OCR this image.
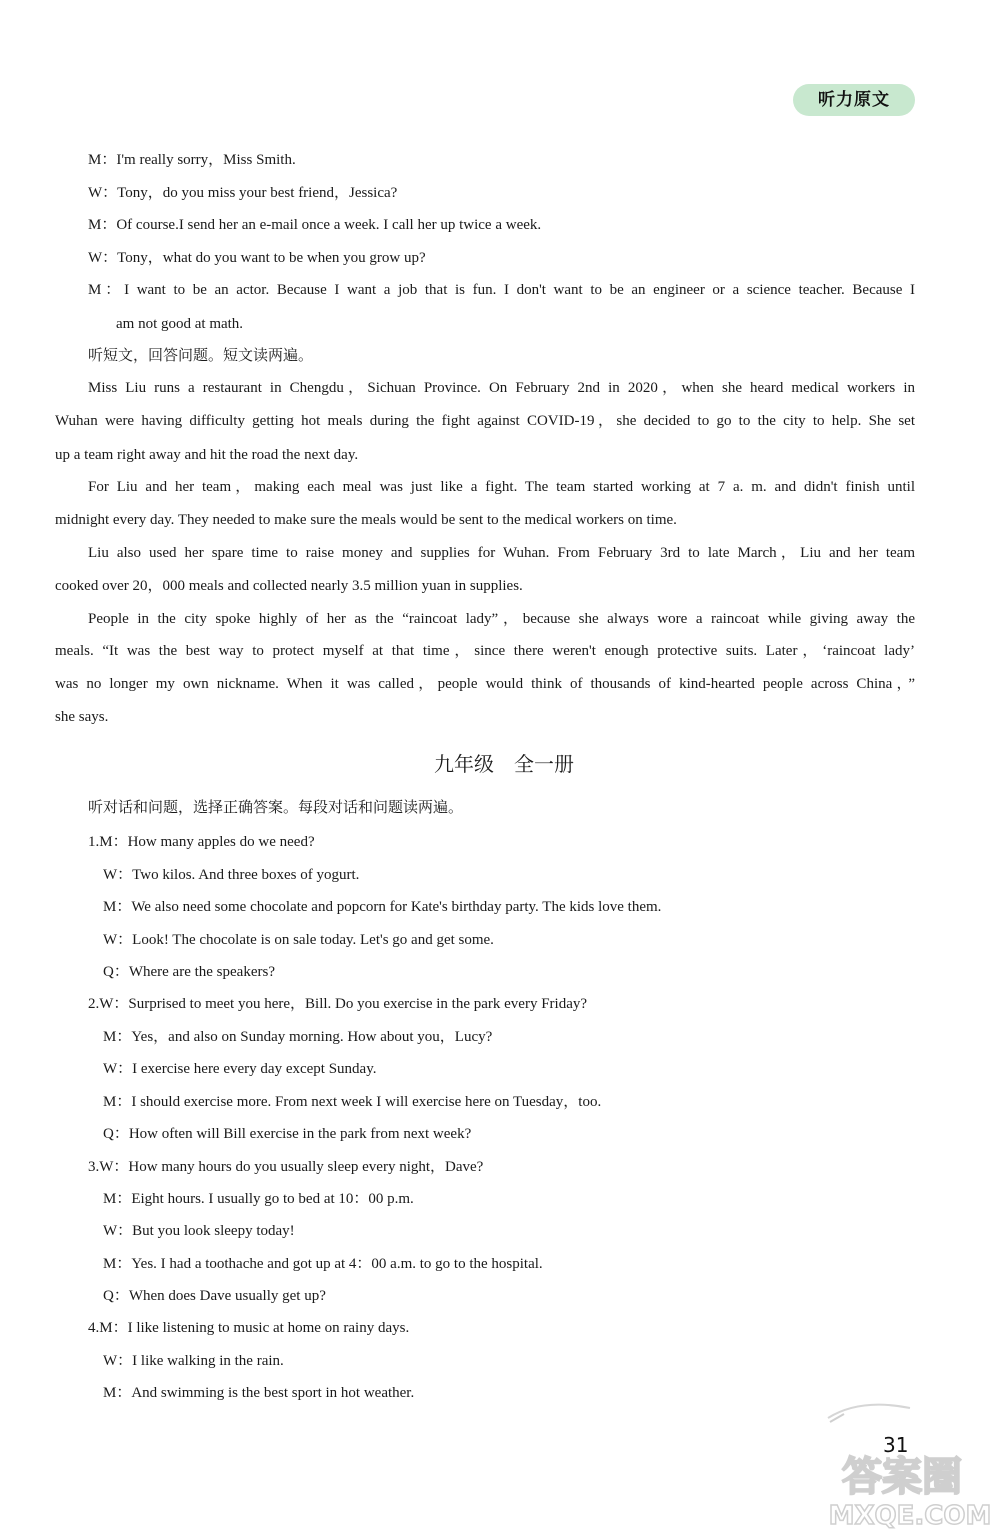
听力原文
M：I'm really sorry，Miss Smith.
W：Tony，do you miss your best friend，Jessica?
M：Of course.I send her an e-mail once a week. I call her up twice a week.
W：Tony，what do you want to be when you grow up?
M：I want to be an actor. Because I want a job that is fun. I don't want to be an engineer or a science teacher. Because I
am not good at math.
听短文，回答问题。短文读两遍。
Miss Liu runs a restaurant in Chengdu，Sichuan Province. On February 2nd in 2020，when she heard medical workers in
Wuhan were having difficulty getting hot meals during the fight against COVID-19，she decided to go to the city to help. She set
up a team right away and hit the road the next day.
For Liu and her team，making each meal was just like a fight. The team started working at 7 a. m. and didn't finish until
midnight every day. They needed to make sure the meals would be sent to the medical workers on time.
Liu also used her spare time to raise money and supplies for Wuhan. From February 3rd to late March，Liu and her team
cooked over 20，000 meals and collected nearly 3.5 million yuan in supplies.
People in the city spoke highly of her as the “raincoat lady”，because she always wore a raincoat while giving away the
meals. “It was the best way to protect myself at that time，since there weren't enough protective suits. Later，‘raincoat lady’
was no longer my own nickname. When it was called，people would think of thousands of kind-hearted people across China，”
she says.
九年级　全一册
听对话和问题，选择正确答案。每段对话和问题读两遍。
1.M：How many apples do we need?
W：Two kilos. And three boxes of yogurt.
M：We also need some chocolate and popcorn for Kate's birthday party. The kids love them.
W：Look! The chocolate is on sale today. Let's go and get some.
Q：Where are the speakers?
2.W：Surprised to meet you here，Bill. Do you exercise in the park every Friday?
M：Yes，and also on Sunday morning. How about you，Lucy?
W：I exercise here every day except Sunday.
M：I should exercise more. From next week I will exercise here on Tuesday，too.
Q：How often will Bill exercise in the park from next week?
3.W：How many hours do you usually sleep every night，Dave?
M：Eight hours. I usually go to bed at 10：00 p.m.
W：But you look sleepy today!
M：Yes. I had a toothache and got up at 4：00 a.m. to go to the hospital.
Q：When does Dave usually get up?
4.M：I like listening to music at home on rainy days.
W：I like walking in the rain.
M：And swimming is the best sport in hot weather.
31
答案圈
MXQE.COM
